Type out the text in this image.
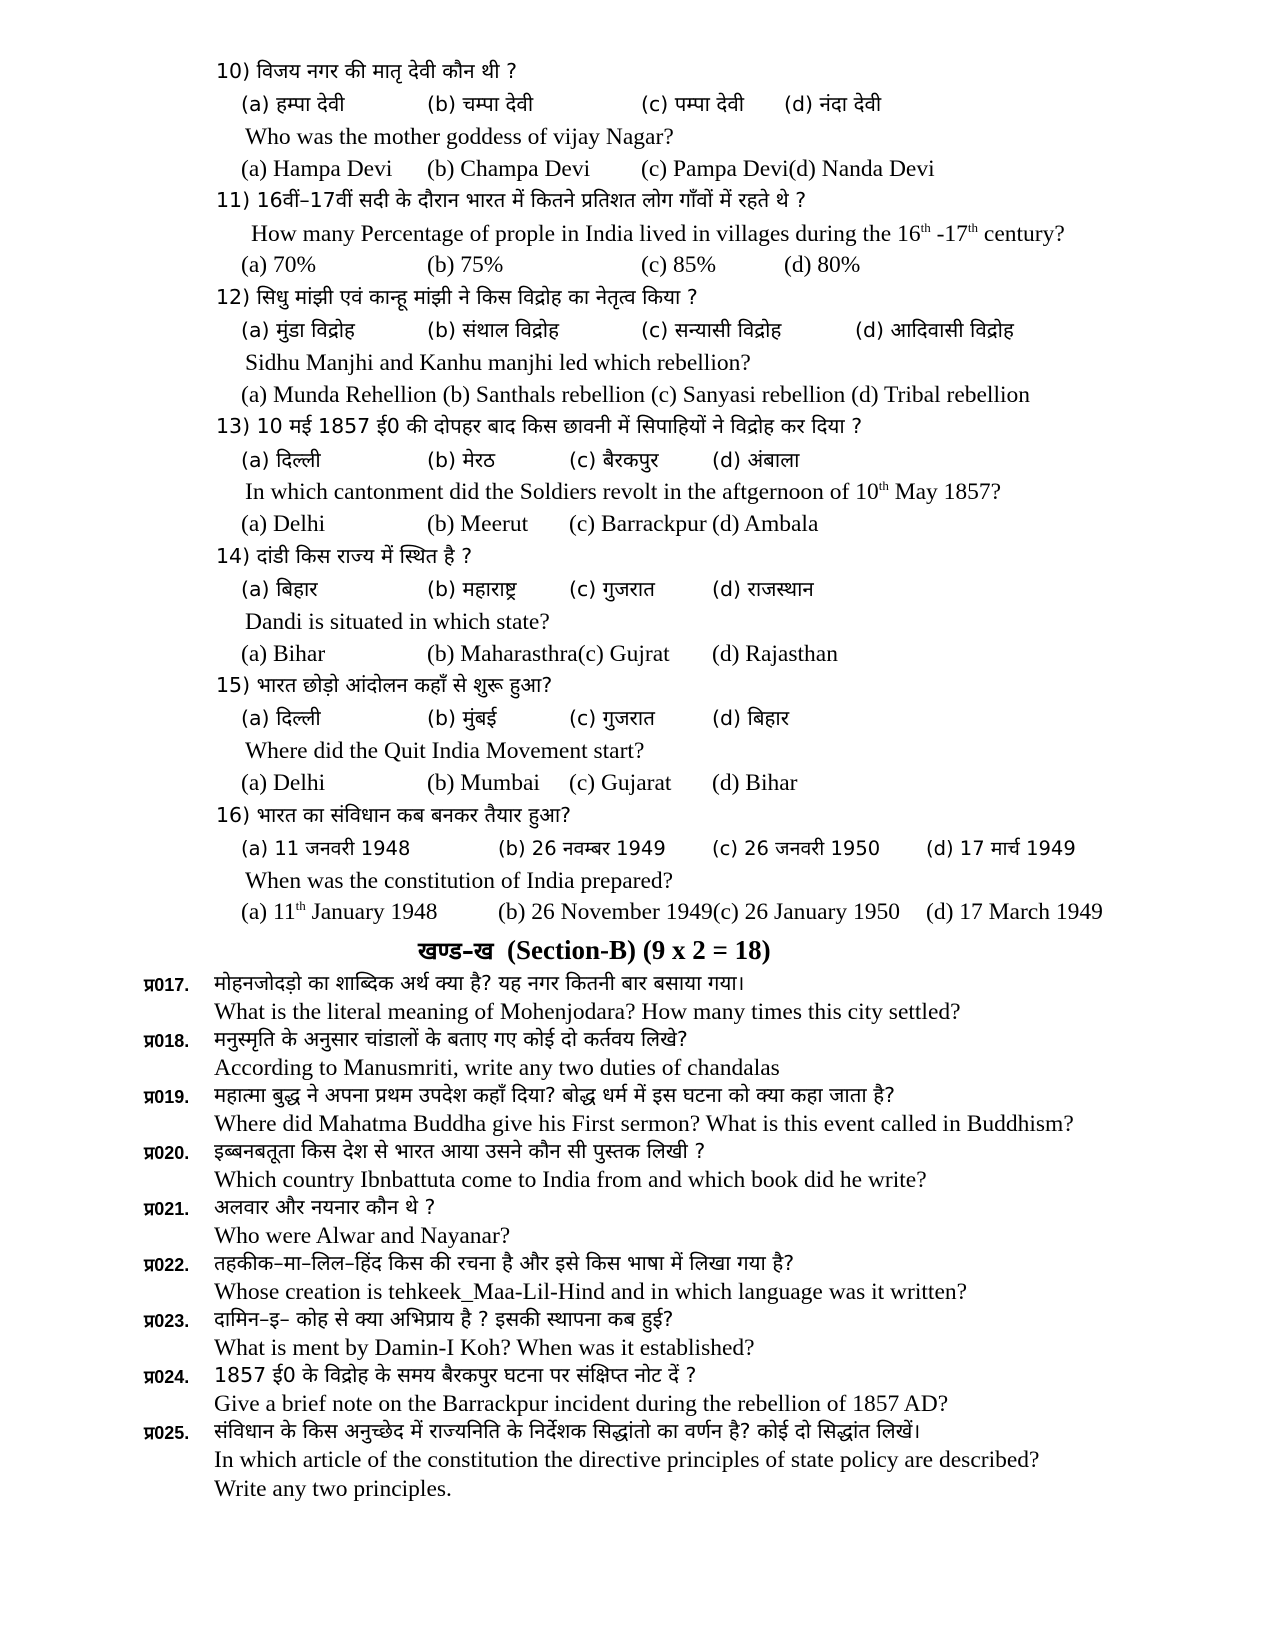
10) विजय नगर की मातृ देवी कौन थी ?
(a) हम्पा देवी	(b) चम्पा देवी	(c) पम्पा देवी (d) नंदा देवी
Who was the mother goddess of vijay Nagar?
(a) Hampa Devi (b) Champa Devi (c) Pampa Devi(d) Nanda Devi
11) 16वीं–17वीं सदी के दौरान भारत में कितने प्रतिशत लोग गाँवों में रहते थे ?
How many Percentage of prople in India lived in villages during the 16th -17th century?
(a) 70%	(b) 75%	(c) 85%	(d) 80%
12) सिधु मांझी एवं कान्हू मांझी ने किस विद्रोह का नेतृत्व किया ?
(a) मुंडा विद्रोह	(b) संथाल विद्रोह	(c) सन्यासी विद्रोह	(d) आदिवासी विद्रोह
Sidhu Manjhi and Kanhu manjhi led which rebellion?
(a) Munda Rehellion (b) Santhals rebellion (c) Sanyasi rebellion (d) Tribal rebellion
13) 10 मई 1857 ई0 की दोपहर बाद किस छावनी में सिपाहियों ने विद्रोह कर दिया ?
(a) दिल्ली	(b) मेरठ	(c) बैरकपुर	(d) अंबाला
In which cantonment did the Soldiers revolt in the aftgernoon of 10th May 1857?
(a) Delhi	(b) Meerut (c) Barrackpur (d) Ambala
14) दांडी किस राज्य में स्थित है ?
(a) बिहार	(b) महाराष्ट्र	(c) गुजरात	(d) राजस्थान
Dandi is situated in which state?
(a) Bihar	(b) Maharasthra(c) Gujrat (d) Rajasthan
15) भारत छोड़ो आंदोलन कहाँ से शुरू हुआ?
(a) दिल्ली	(b) मुंबई	(c) गुजरात	(d) बिहार
Where did the Quit India Movement start?
(a) Delhi	(b) Mumbai (c) Gujarat (d) Bihar
16) भारत का संविधान कब बनकर तैयार हुआ?
(a) 11 जनवरी 1948	(b) 26 नवम्बर 1949 (c) 26 जनवरी 1950 (d) 17 मार्च 1949
When was the constitution of India prepared?
(a) 11th January 1948	(b) 26 November 1949(c) 26 January 1950 (d) 17 March 1949
खण्ड–ख (Section-B) (9 x 2 = 18)
प्र017. मोहनजोदड़ो का शाब्दिक अर्थ क्या है? यह नगर कितनी बार बसाया गया।
What is the literal meaning of Mohenjodara? How many times this city settled?
प्र018. मनुस्मृति के अनुसार चांडालों के बताए गए कोई दो कर्तवय लिखे?
According to Manusmriti, write any two duties of chandalas
प्र019. महात्मा बुद्ध ने अपना प्रथम उपदेश कहाँ दिया? बोद्ध धर्म में इस घटना को क्या कहा जाता है?
Where did Mahatma Buddha give his First sermon? What is this event called in Buddhism?
प्र020. इब्बनबतूता किस देश से भारत आया उसने कौन सी पुस्तक लिखी ?
Which country Ibnbattuta come to India from and which book did he write?
प्र021. अलवार और नयनार कौन थे ?
Who were Alwar and Nayanar?
प्र022. तहकीक–मा–लिल–हिंद किस की रचना है और इसे किस भाषा में लिखा गया है?
Whose creation is tehkeek_Maa-Lil-Hind and in which language was it written?
प्र023. दामिन–इ– कोह से क्या अभिप्राय है ? इसकी स्थापना कब हुई?
What is ment by Damin-I Koh? When was it established?
प्र024. 1857 ई0 के विद्रोह के समय बैरकपुर घटना पर संक्षिप्त नोट दें ?
Give a brief note on the Barrackpur incident during the rebellion of 1857 AD?
प्र025. संविधान के किस अनुच्छेद में राज्यनिति के निर्देशक सिद्धांतो का वर्णन है? कोई दो सिद्धांत लिखें।
In which article of the constitution the directive principles of state policy are described?
Write any two principles.
